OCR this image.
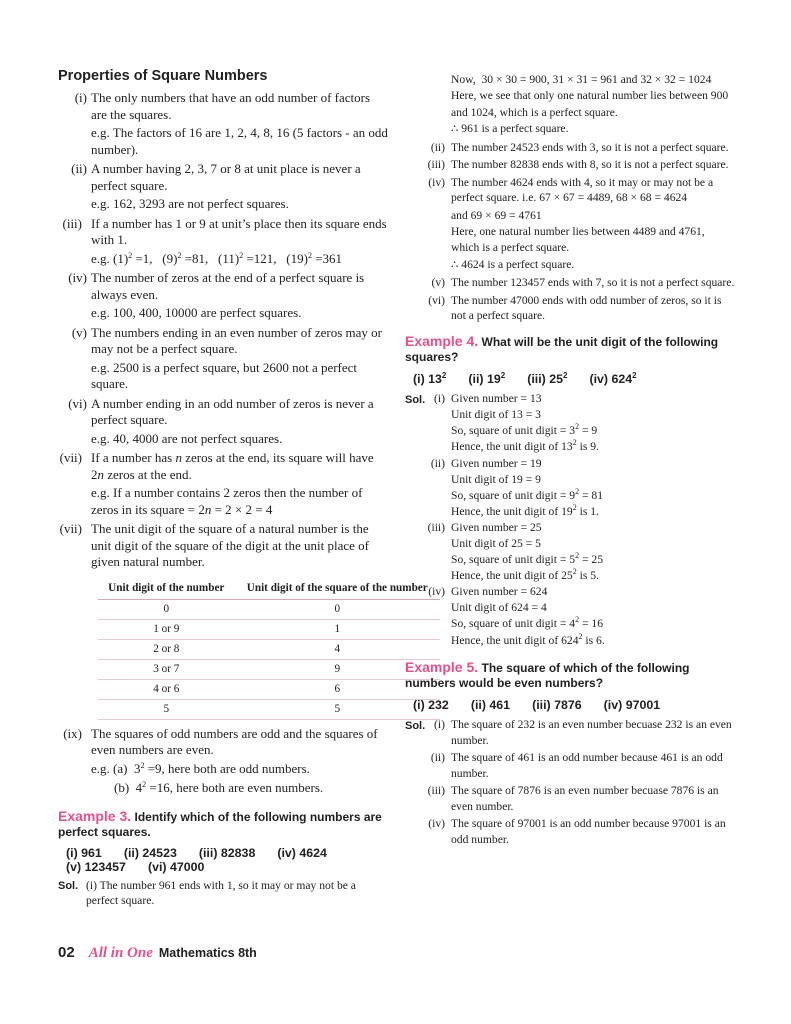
Properties of Square Numbers
(i) The only numbers that have an odd number of factors are the squares.
e.g. The factors of 16 are 1, 2, 4, 8, 16 (5 factors - an odd number).
(ii) A number having 2, 3, 7 or 8 at unit place is never a perfect square.
e.g. 162, 3293 are not perfect squares.
(iii) If a number has 1 or 9 at unit’s place then its square ends with 1.
e.g. $(1)^2 =1$,   $(9)^2 =81$,   $(11)^2 =121$,   $(19)^2 =361$
(iv) The number of zeros at the end of a perfect square is always even.
e.g. 100, 400, 10000 are perfect squares.
(v) The numbers ending in an even number of zeros may or may not be a perfect square.
e.g. 2500 is a perfect square, but 2600 not a perfect square.
(vi) A number ending in an odd number of zeros is never a perfect square.
e.g. 40, 4000 are not perfect squares.
(vii) If a number has n zeros at the end, its square will have 2n zeros at the end.
e.g. If a number contains 2 zeros then the number of zeros in its square = 2n = 2 × 2 = 4
(vii) The unit digit of the square of a natural number is the unit digit of the square of the digit at the unit place of given natural number.
Unit digit of the number	Unit digit of the square of the number
0	0
1 or 9	1
2 or 8	4
3 or 7	9
4 or 6	6
5	5
(ix) The squares of odd numbers are odd and the squares of even numbers are even.
e.g. (a)  $3^2 =9$, here both are odd numbers.
(b)  $4^2 =16$, here both are even numbers.
Example 3. Identify which of the following numbers are perfect squares.
(i) 961 (ii) 24523 (iii) 82838 (iv) 4624
(v) 123457 (vi) 47000
Sol. (i) The number 961 ends with 1, so it may or may not be a perfect square.
Now,  30 × 30 = 900, 31 × 31 = 961 and 32 × 32 = 1024
Here, we see that only one natural number lies between 900 and 1024, which is a perfect square.
∴ 961 is a perfect square.
(ii) The number 24523 ends with 3, so it is not a perfect square.
(iii) The number 82838 ends with 8, so it is not a perfect square.
(iv) The number 4624 ends with 4, so it may or may not be a perfect square. i.e. 67 × 67 = 4489, 68 × 68 = 4624
and 69 × 69 = 4761
Here, one natural number lies between 4489 and 4761, which is a perfect square.
∴ 4624 is a perfect square.
(v) The number 123457 ends with 7, so it is not a perfect square.
(vi) The number 47000 ends with odd number of zeros, so it is not a perfect square.
Example 4. What will be the unit digit of the following squares?
(i) $13^2$ (ii) $19^2$ (iii) $25^2$ (iv) $624^2$
Sol. (i) Given number = 13
Unit digit of 13 = 3
So, square of unit digit = $3^2 = 9$
Hence, the unit digit of $13^2$ is 9.
(ii) Given number = 19
Unit digit of 19 = 9
So, square of unit digit = $9^2 = 81$
Hence, the unit digit of $19^2$ is 1.
(iii) Given number = 25
Unit digit of 25 = 5
So, square of unit digit = $5^2 = 25$
Hence, the unit digit of $25^2$ is 5.
(iv) Given number = 624
Unit digit of 624 = 4
So, square of unit digit = $4^2 = 16$
Hence, the unit digit of $624^2$ is 6.
Example 5. The square of which of the following numbers would be even numbers?
(i) 232 (ii) 461 (iii) 7876 (iv) 97001
Sol. (i) The square of 232 is an even number becuase 232 is an even number.
(ii) The square of 461 is an odd number because 461 is an odd number.
(iii) The square of 7876 is an even number becuase 7876 is an even number.
(iv) The square of 97001 is an odd number because 97001 is an odd number.
02 All in One Mathematics 8th
